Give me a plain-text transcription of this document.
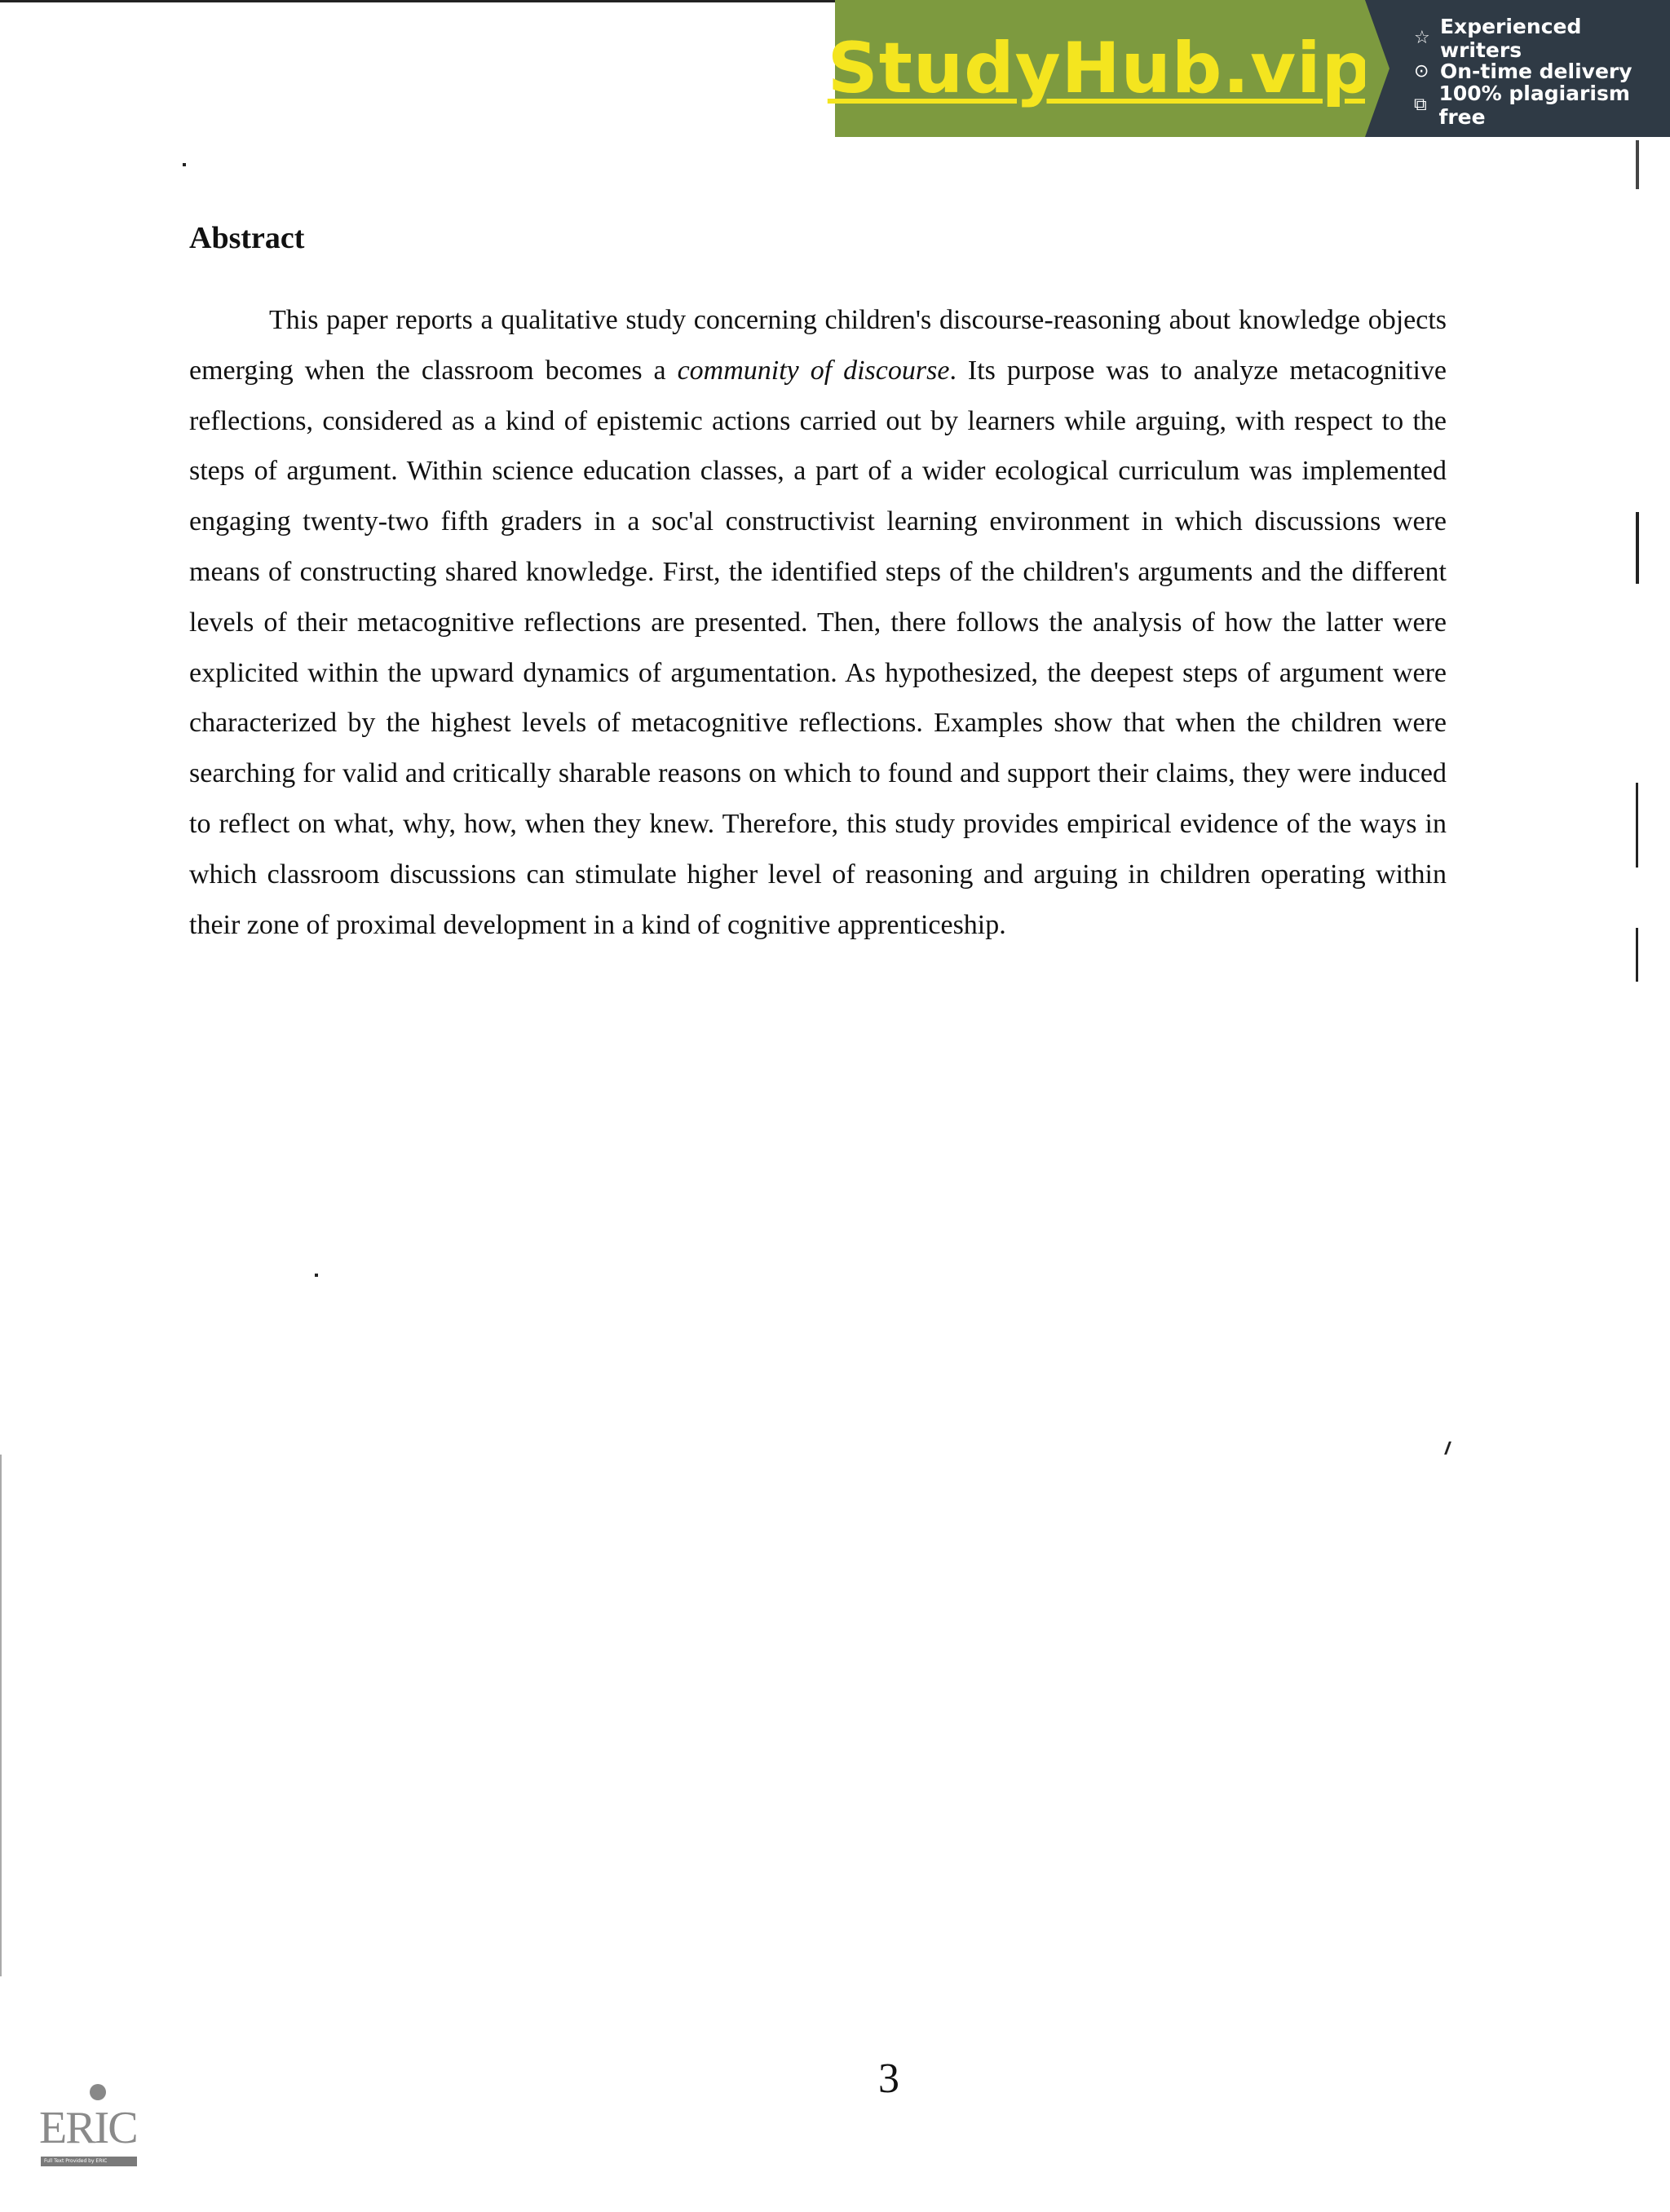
StudyHub.vip ☆ Experienced writers
⊙ On-time delivery
⧉ 100% plagiarism free
Abstract

This paper reports a qualitative study concerning children's discourse-reasoning about knowledge objects emerging when the classroom becomes a community of discourse. Its purpose was to analyze metacognitive reflections, considered as a kind of epistemic actions carried out by learners while arguing, with respect to the steps of argument. Within science education classes, a part of a wider ecological curriculum was implemented engaging twenty-two fifth graders in a soc'al constructivist learning environment in which discussions were means of constructing shared knowledge. First, the identified steps of the children's arguments and the different levels of their metacognitive reflections are presented. Then, there follows the analysis of how the latter were explicited within the upward dynamics of argumentation. As hypothesized, the deepest steps of argument were characterized by the highest levels of metacognitive reflections. Examples show that when the children were searching for valid and critically sharable reasons on which to found and support their claims, they were induced to reflect on what, why, how, when they knew. Therefore, this study provides empirical evidence of the ways in which classroom discussions can stimulate higher level of reasoning and arguing in children operating within their zone of proximal development in a kind of cognitive apprenticeship.

3
ERIC
Full Text Provided by ERIC
